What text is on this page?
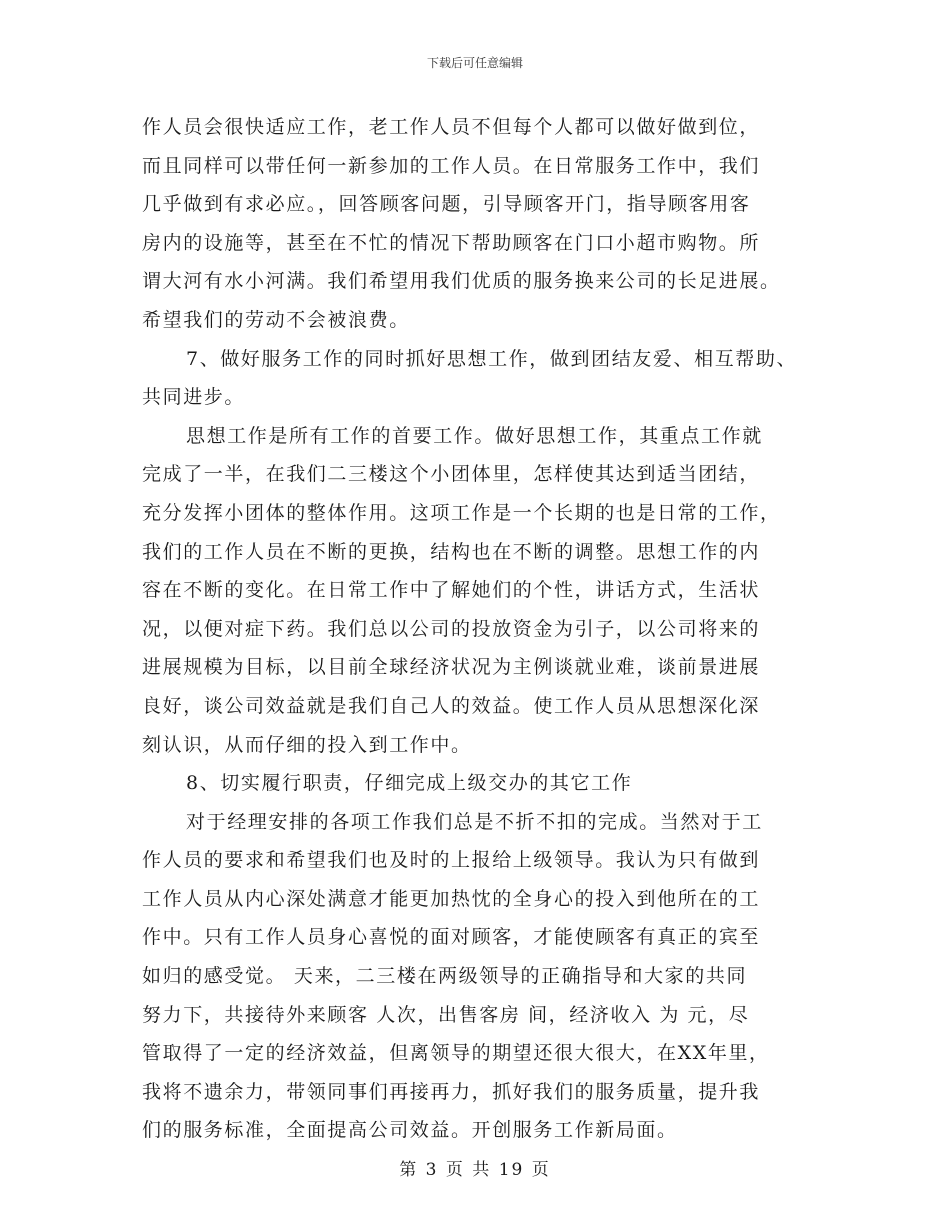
下载后可任意编辑
作人员会很快适应工作，老工作人员不但每个人都可以做好做到位，
而且同样可以带任何一新参加的工作人员。在日常服务工作中，我们
几乎做到有求必应。，回答顾客问题，引导顾客开门，指导顾客用客
房内的设施等，甚至在不忙的情况下帮助顾客在门口小超市购物。所
谓大河有水小河满。我们希望用我们优质的服务换来公司的长足进展。
希望我们的劳动不会被浪费。
7、做好服务工作的同时抓好思想工作，做到团结友爱、相互帮助、
共同进步。
思想工作是所有工作的首要工作。做好思想工作，其重点工作就
完成了一半，在我们二三楼这个小团体里，怎样使其达到适当团结，
充分发挥小团体的整体作用。这项工作是一个长期的也是日常的工作，
我们的工作人员在不断的更换，结构也在不断的调整。思想工作的内
容在不断的变化。在日常工作中了解她们的个性，讲话方式，生活状
况，以便对症下药。我们总以公司的投放资金为引子，以公司将来的
进展规模为目标，以目前全球经济状况为主例谈就业难，谈前景进展
良好，谈公司效益就是我们自己人的效益。使工作人员从思想深化深
刻认识，从而仔细的投入到工作中。
8、切实履行职责，仔细完成上级交办的其它工作
对于经理安排的各项工作我们总是不折不扣的完成。当然对于工
作人员的要求和希望我们也及时的上报给上级领导。我认为只有做到
工作人员从内心深处满意才能更加热忱的全身心的投入到他所在的工
作中。只有工作人员身心喜悦的面对顾客，才能使顾客有真正的宾至
如归的感受觉。 天来，二三楼在两级领导的正确指导和大家的共同
努力下，共接待外来顾客 人次，出售客房 间，经济收入 为 元，尽
管取得了一定的经济效益，但离领导的期望还很大很大，在XX年里，
我将不遗余力，带领同事们再接再力，抓好我们的服务质量，提升我
们的服务标准，全面提高公司效益。开创服务工作新局面。
第 3 页 共 19 页
